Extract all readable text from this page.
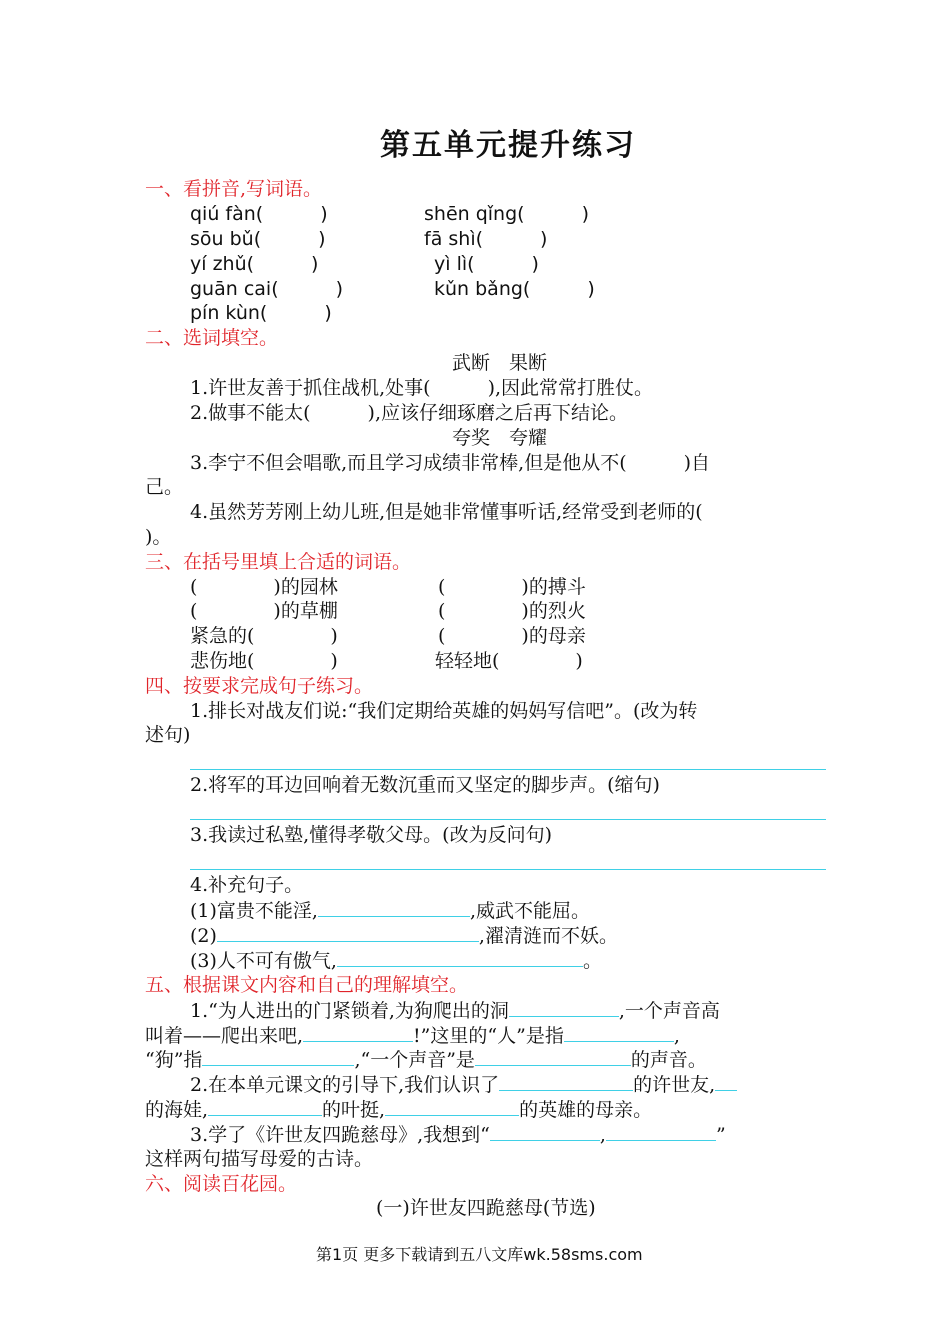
第五单元提升练习
一、看拼音,写词语。
qiú fàn(　　　)	shēn qǐng(　　　)
sōu bǔ(　　　)	fā shì(　　　)
yí zhǔ(　　　)	yì lì(　　　)
guān cai(　　　)	kǔn bǎng(　　　)
pín kùn(　　　)
二、选词填空。
武断　果断
1.许世友善于抓住战机,处事(　　　),因此常常打胜仗。
2.做事不能太(　　　),应该仔细琢磨之后再下结论。
夸奖　夸耀
3.李宁不但会唱歌,而且学习成绩非常棒,但是他从不(　　　)自
己。
4.虽然芳芳刚上幼儿班,但是她非常懂事听话,经常受到老师的(
)。
三、在括号里填上合适的词语。
(　　　　)的园林	(　　　　)的搏斗
(　　　　)的草棚	(　　　　)的烈火
紧急的(　　　　)	(　　　　)的母亲
悲伤地(　　　　)	轻轻地(　　　　)
四、按要求完成句子练习。
1.排长对战友们说:“我们定期给英雄的妈妈写信吧”。(改为转
述句)
2.将军的耳边回响着无数沉重而又坚定的脚步声。(缩句)
3.我读过私塾,懂得孝敬父母。(改为反问句)
4.补充句子。
(1)富贵不能淫,	,威武不能屈。
(2)	,濯清涟而不妖。
(3)人不可有傲气,	。
五、根据课文内容和自己的理解填空。
1.“为人进出的门紧锁着,为狗爬出的洞	,一个声音高
叫着——爬出来吧,	!”这里的“人”是指	,
“狗”指	,“一个声音”是	的声音。
2.在本单元课文的引导下,我们认识了	的许世友,
的海娃,	的叶挺,	的英雄的母亲。
3.学了《许世友四跪慈母》,我想到“	,	”
这样两句描写母爱的古诗。
六、阅读百花园。
(一)许世友四跪慈母(节选)
第1页 更多下载请到五八文库wk.58sms.com
